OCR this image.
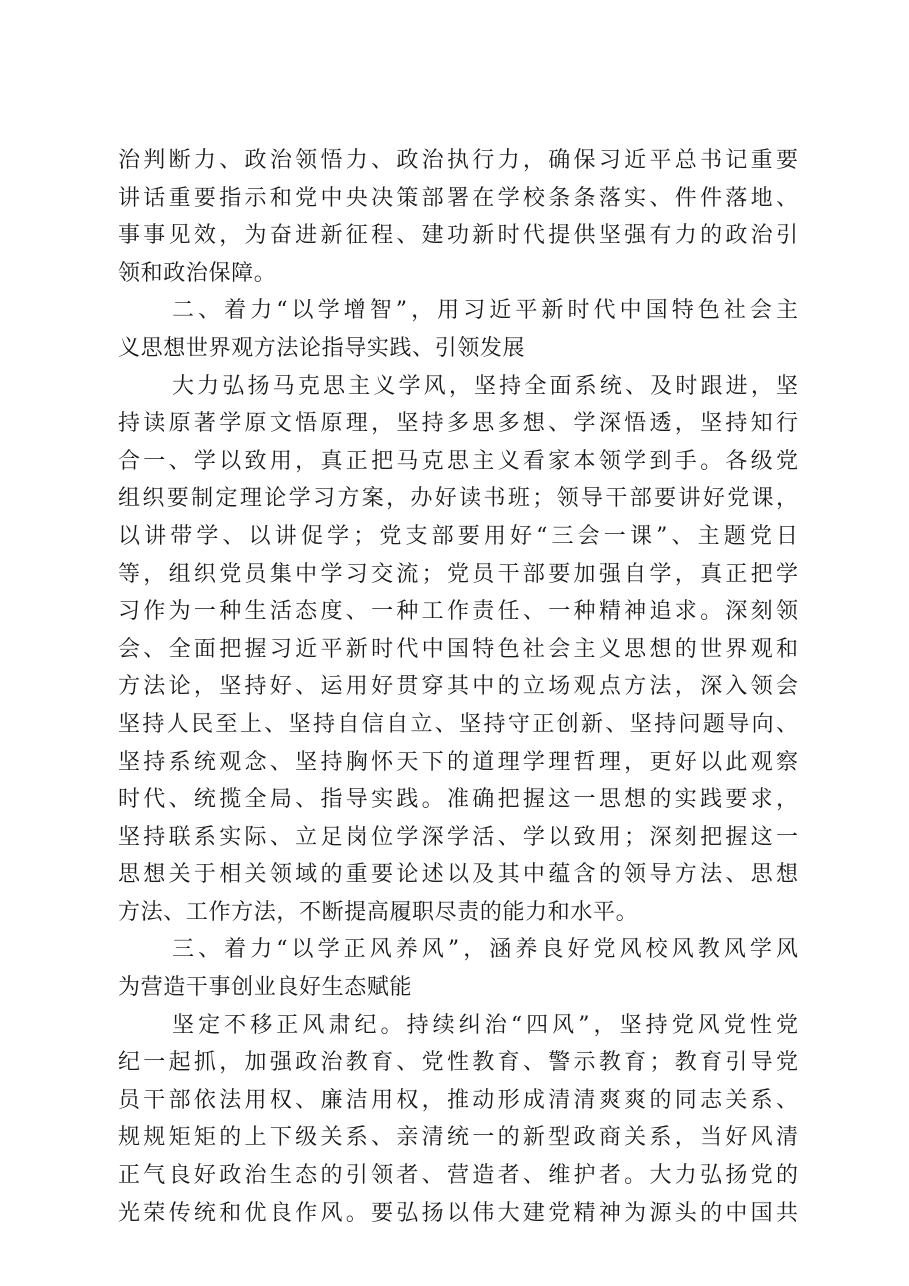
治判断力、政治领悟力、政治执行力，确保习近平总书记重要
讲话重要指示和党中央决策部署在学校条条落实、件件落地、
事事见效，为奋进新征程、建功新时代提供坚强有力的政治引
领和政治保障。
二、着力“以学增智”，用习近平新时代中国特色社会主
义思想世界观方法论指导实践、引领发展
大力弘扬马克思主义学风，坚持全面系统、及时跟进，坚
持读原著学原文悟原理，坚持多思多想、学深悟透，坚持知行
合一、学以致用，真正把马克思主义看家本领学到手。各级党
组织要制定理论学习方案，办好读书班；领导干部要讲好党课，
以讲带学、以讲促学；党支部要用好“三会一课”、主题党日
等，组织党员集中学习交流；党员干部要加强自学，真正把学
习作为一种生活态度、一种工作责任、一种精神追求。深刻领
会、全面把握习近平新时代中国特色社会主义思想的世界观和
方法论，坚持好、运用好贯穿其中的立场观点方法，深入领会
坚持人民至上、坚持自信自立、坚持守正创新、坚持问题导向、
坚持系统观念、坚持胸怀天下的道理学理哲理，更好以此观察
时代、统揽全局、指导实践。准确把握这一思想的实践要求，
坚持联系实际、立足岗位学深学活、学以致用；深刻把握这一
思想关于相关领域的重要论述以及其中蕴含的领导方法、思想
方法、工作方法，不断提高履职尽责的能力和水平。
三、着力“以学正风养风”，涵养良好党风校风教风学风
为营造干事创业良好生态赋能
坚定不移正风肃纪。持续纠治“四风”，坚持党风党性党
纪一起抓，加强政治教育、党性教育、警示教育；教育引导党
员干部依法用权、廉洁用权，推动形成清清爽爽的同志关系、
规规矩矩的上下级关系、亲清统一的新型政商关系，当好风清
正气良好政治生态的引领者、营造者、维护者。大力弘扬党的
光荣传统和优良作风。要弘扬以伟大建党精神为源头的中国共
